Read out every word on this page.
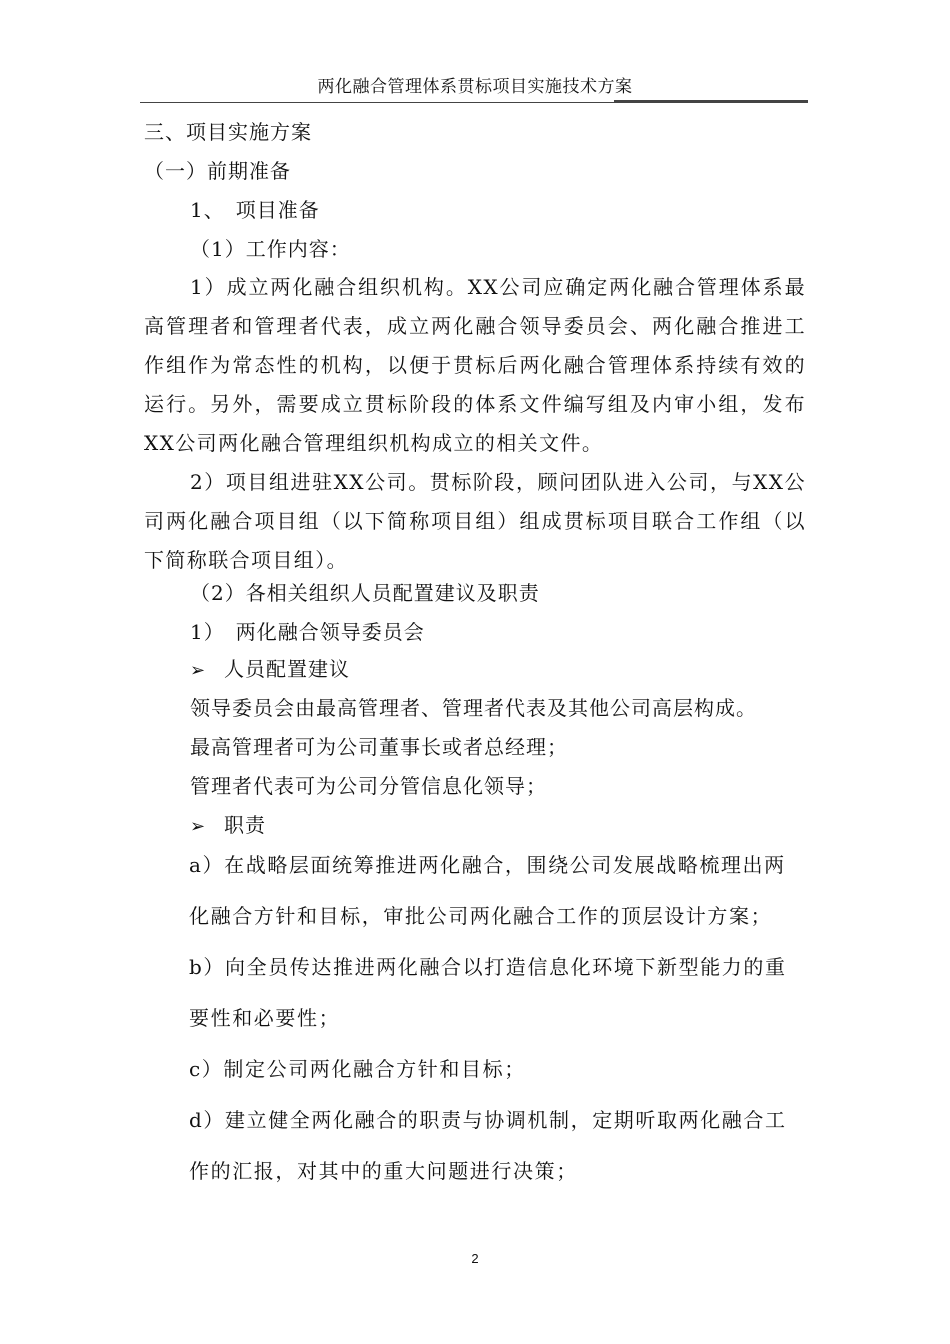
两化融合管理体系贯标项目实施技术方案
三、项目实施方案
（一）前期准备
1、　项目准备
（1）工作内容：
1）成立两化融合组织机构。XX公司应确定两化融合管理体系最高管理者和管理者代表，成立两化融合领导委员会、两化融合推进工作组作为常态性的机构，以便于贯标后两化融合管理体系持续有效的运行。另外，需要成立贯标阶段的体系文件编写组及内审小组，发布XX公司两化融合管理组织机构成立的相关文件。
2）项目组进驻XX公司。贯标阶段，顾问团队进入公司，与XX公司两化融合项目组（以下简称项目组）组成贯标项目联合工作组（以下简称联合项目组）。
（2）各相关组织人员配置建议及职责
1）　两化融合领导委员会
➢ 人员配置建议
领导委员会由最高管理者、管理者代表及其他公司高层构成。
最高管理者可为公司董事长或者总经理；
管理者代表可为公司分管信息化领导；
➢ 职责
a）在战略层面统筹推进两化融合，围绕公司发展战略梳理出两化融合方针和目标，审批公司两化融合工作的顶层设计方案；
b）向全员传达推进两化融合以打造信息化环境下新型能力的重要性和必要性；
c）制定公司两化融合方针和目标；
d）建立健全两化融合的职责与协调机制，定期听取两化融合工作的汇报，对其中的重大问题进行决策；
2
